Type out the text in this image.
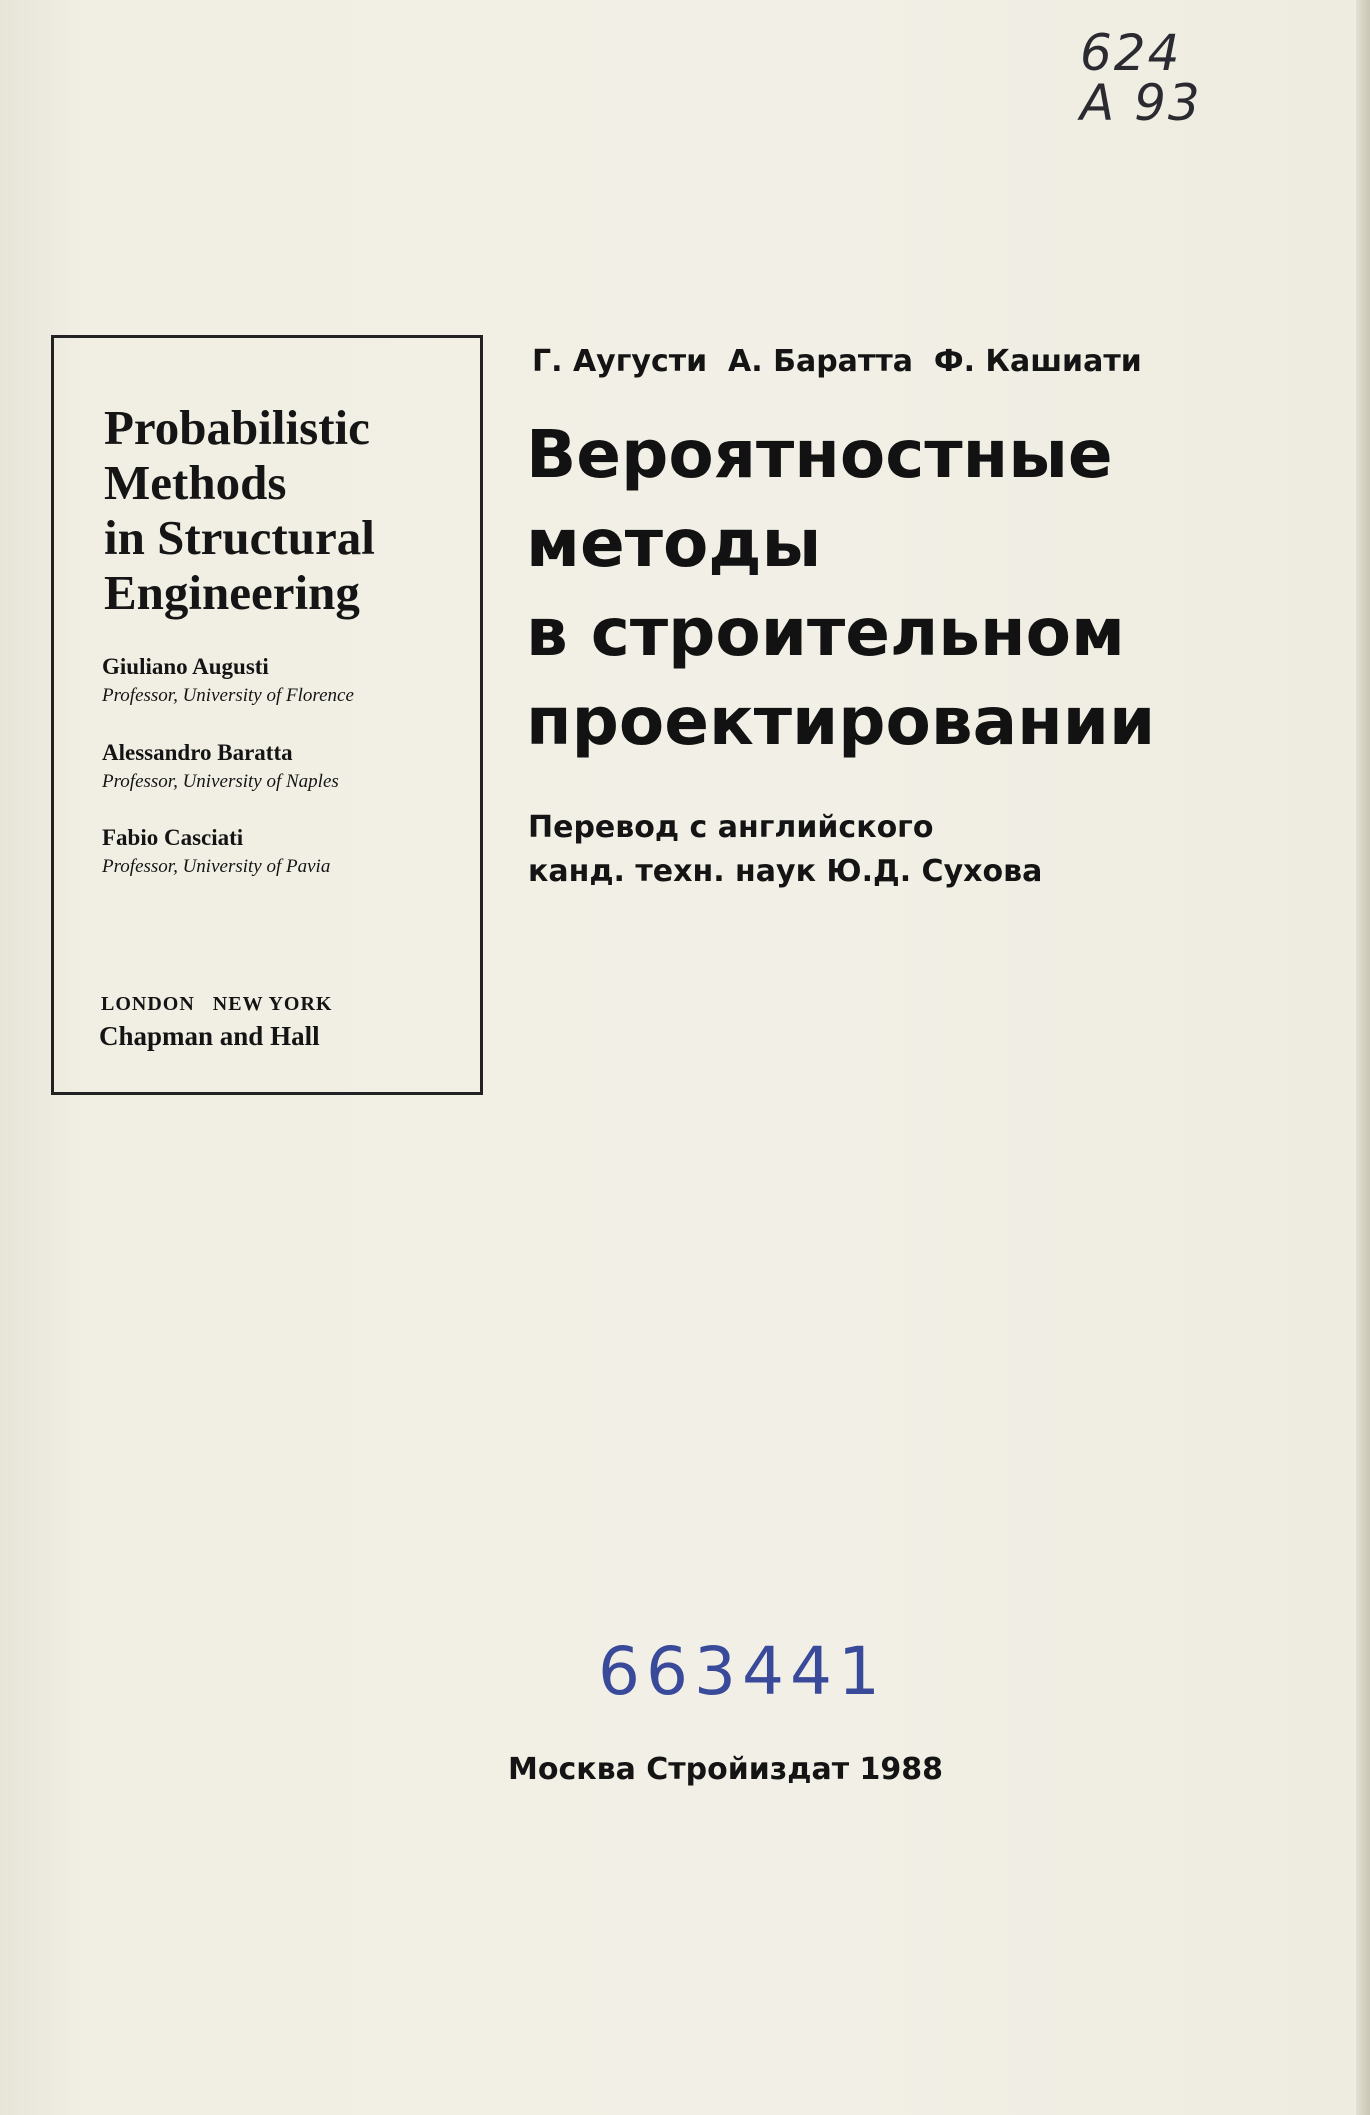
624
А 93
Probabilistic
Methods
in Structural
Engineering
Giuliano Augusti
Professor, University of Florence
Alessandro Baratta
Professor, University of Naples
Fabio Casciati
Professor, University of Pavia
LONDON   NEW YORK
Chapman and Hall
Г. Аугусти  А. Баратта  Ф. Кашиати
Вероятностные
методы
в строительном
проектировании
Перевод с английского
канд. техн. наук Ю.Д. Сухова
663441
Москва Стройиздат 1988
